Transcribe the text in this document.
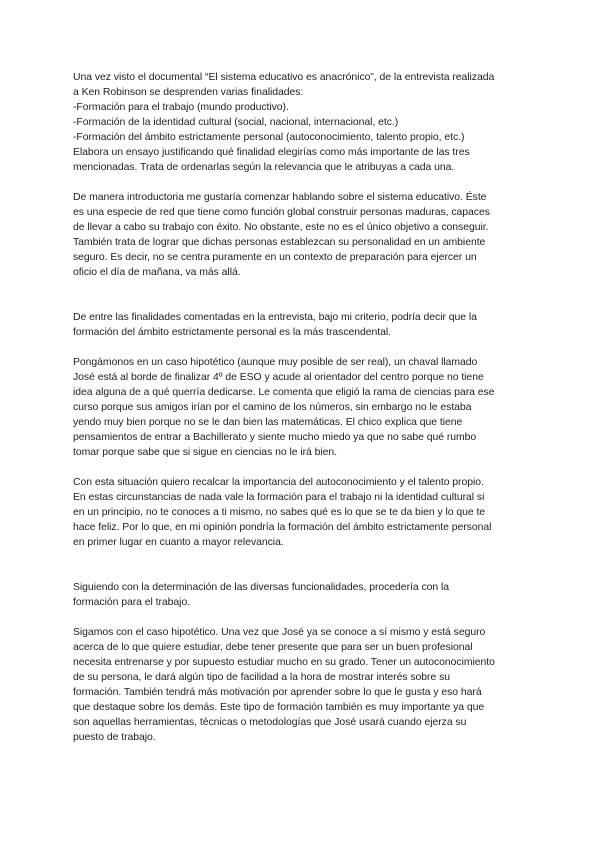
Una vez visto el documental “El sistema educativo es anacrónico”, de la entrevista realizada
a Ken Robinson se desprenden varias finalidades:
-Formación para el trabajo (mundo productivo).
-Formación de la identidad cultural (social, nacional, internacional, etc.)
-Formación del ámbito estrictamente personal (autoconocimiento, talento propio, etc.)
Elabora un ensayo justificando qué finalidad elegirías como más importante de las tres
mencionadas. Trata de ordenarlas según la relevancia que le atribuyas a cada una.
De manera introductoria me gustaría comenzar hablando sobre el sistema educativo. Éste
es una especie de red que tiene como función global construir personas maduras, capaces
de llevar a cabo su trabajo con éxito. No obstante, este no es el único objetivo a conseguir.
También trata de lograr que dichas personas establezcan su personalidad en un ambiente
seguro. Es decir, no se centra puramente en un contexto de preparación para ejercer un
oficio el día de mañana, va más allá.
De entre las finalidades comentadas en la entrevista, bajo mi criterio, podría decir que la
formación del ámbito estrictamente personal es la más trascendental.
Pongámonos en un caso hipotético (aunque muy posible de ser real), un chaval llamado
José está al borde de finalizar 4º de ESO y acude al orientador del centro porque no tiene
idea alguna de a qué querría dedicarse. Le comenta que eligió la rama de ciencias para ese
curso porque sus amigos irían por el camino de los números, sin embargo no le estaba
yendo muy bien porque no se le dan bien las matemáticas. El chico explica que tiene
pensamientos de entrar a Bachillerato y siente mucho miedo ya que no sabe qué rumbo
tomar porque sabe que si sigue en ciencias no le irá bien.
Con esta situación quiero recalcar la importancia del autoconocimiento y el talento propio.
En estas circunstancias de nada vale la formación para el trabajo ni la identidad cultural si
en un principio, no te conoces a ti mismo, no sabes qué es lo que se te da bien y lo que te
hace feliz. Por lo que, en mi opinión pondría la formación del ámbito estrictamente personal
en primer lugar en cuanto a mayor relevancia.
Siguiendo con la determinación de las diversas funcionalidades, procedería con la
formación para el trabajo.
Sigamos con el caso hipotético. Una vez que José ya se conoce a sí mismo y está seguro
acerca de lo que quiere estudiar, debe tener presente que para ser un buen profesional
necesita entrenarse y por supuesto estudiar mucho en su grado. Tener un autoconocimiento
de su persona, le dará algún tipo de facilidad a la hora de mostrar interés sobre su
formación. También tendrá más motivación por aprender sobre lo que le gusta y eso hará
que destaque sobre los demás. Este tipo de formación también es muy importante ya que
son aquellas herramientas, técnicas o metodologías que José usará cuando ejerza su
puesto de trabajo.
